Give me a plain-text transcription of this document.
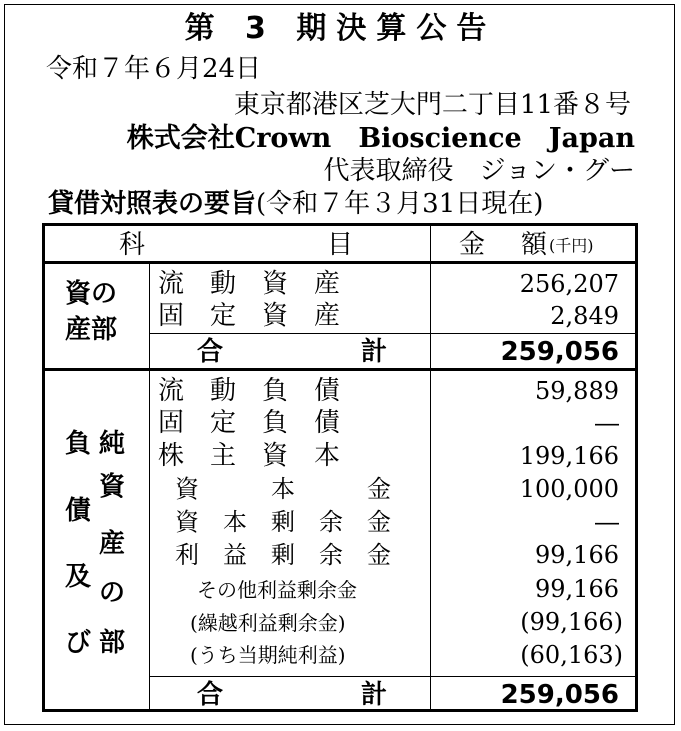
第 3 期決算公告
令和７年６月24日
東京都港区芝大門二丁目11番８号
株式会社Crown　Bioscience　Japan
代表取締役　ジョン・グー
貸借対照表の要旨(令和７年３月31日現在)
科	目	金 額 (千円)
資の
産部
流　動　資　産	256,207
固　定　資　産	2,849
合	計	259,056
負
債
及
び
純
資
産
の
部
流　動　負　債	59,889
固　定　負　債	―
株　主　資　本	199,166
資　　　本　　　金	100,000
資　本　剰　余　金	―
利　益　剰　余　金	99,166
その他利益剰余金	99,166
(繰越利益剰余金)	(99,166)
(うち当期純利益)	(60,163)
合	計	259,056
